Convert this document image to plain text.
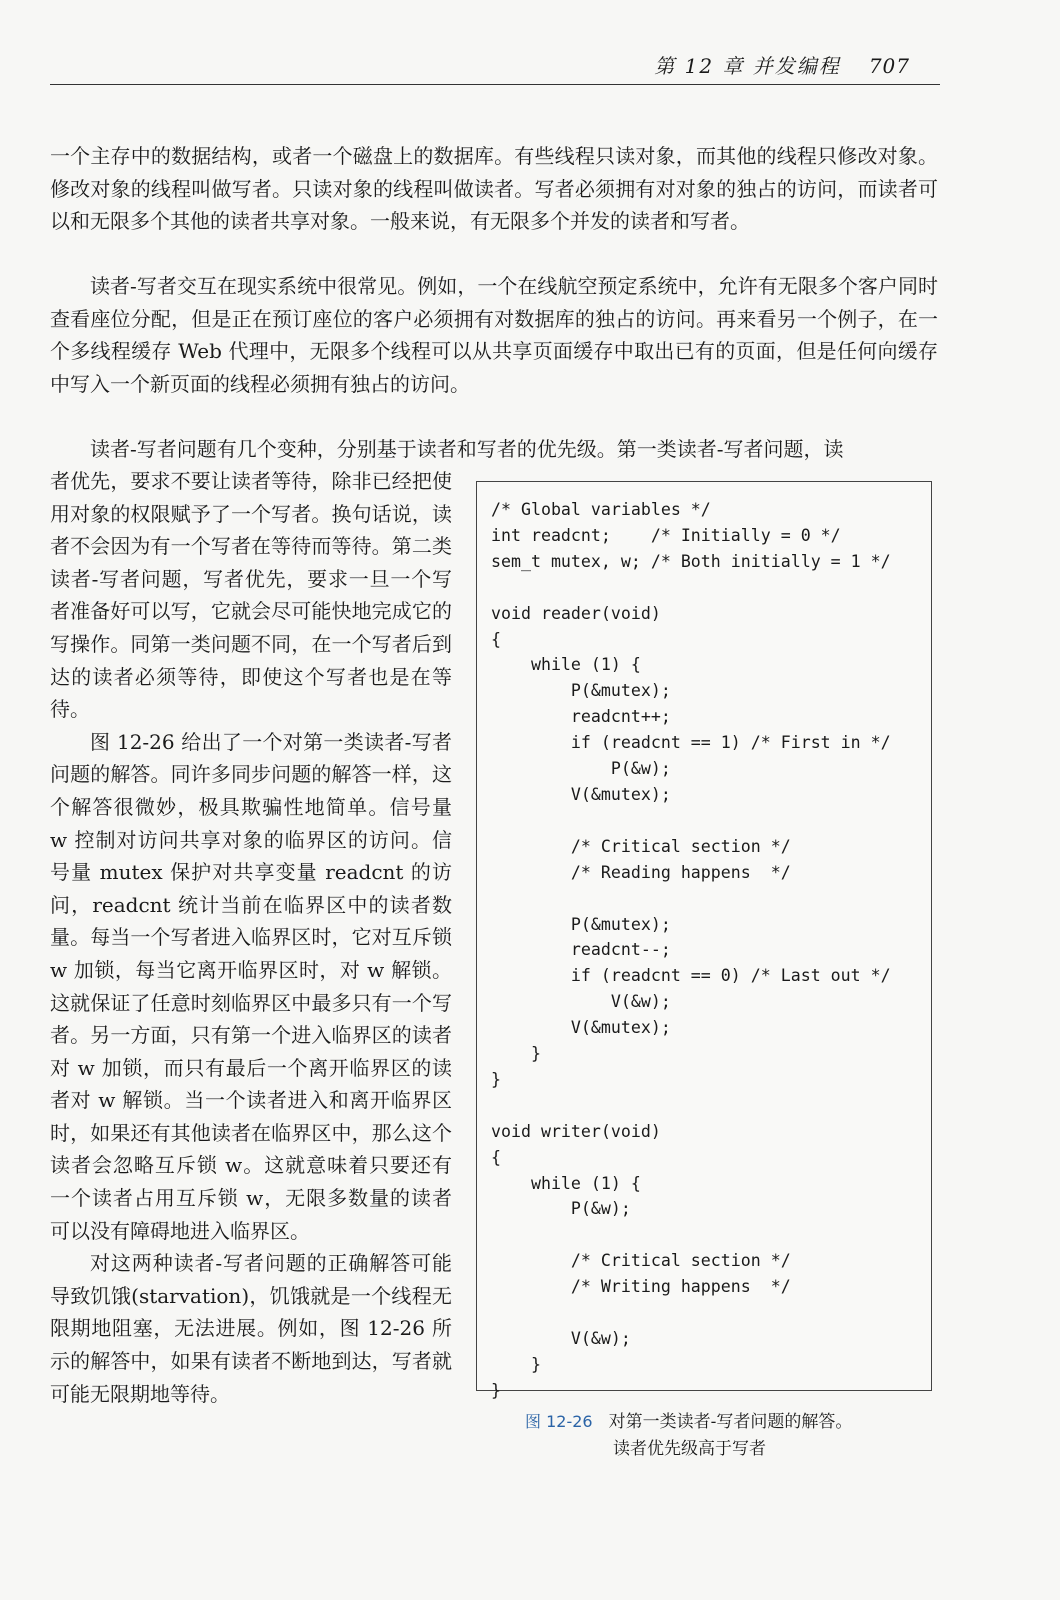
第 12 章 并发编程 707

一个主存中的数据结构，或者一个磁盘上的数据库。有些线程只读对象，而其他的线程只修改对象。修改对象的线程叫做写者。只读对象的线程叫做读者。写者必须拥有对对象的独占的访问，而读者可以和无限多个其他的读者共享对象。一般来说，有无限多个并发的读者和写者。

读者-写者交互在现实系统中很常见。例如，一个在线航空预定系统中，允许有无限多个客户同时查看座位分配，但是正在预订座位的客户必须拥有对数据库的独占的访问。再来看另一个例子，在一个多线程缓存 Web 代理中，无限多个线程可以从共享页面缓存中取出已有的页面，但是任何向缓存中写入一个新页面的线程必须拥有独占的访问。

读者-写者问题有几个变种，分别基于读者和写者的优先级。第一类读者-写者问题，读

者优先，要求不要让读者等待，除非已经把使用对象的权限赋予了一个写者。换句话说，读者不会因为有一个写者在等待而等待。第二类读者-写者问题，写者优先，要求一旦一个写者准备好可以写，它就会尽可能快地完成它的写操作。同第一类问题不同，在一个写者后到达的读者必须等待，即使这个写者也是在等待。

图 12-26 给出了一个对第一类读者-写者问题的解答。同许多同步问题的解答一样，这个解答很微妙，极具欺骗性地简单。信号量 w 控制对访问共享对象的临界区的访问。信号量 mutex 保护对共享变量 readcnt 的访问，readcnt 统计当前在临界区中的读者数量。每当一个写者进入临界区时，它对互斥锁 w 加锁，每当它离开临界区时，对 w 解锁。这就保证了任意时刻临界区中最多只有一个写者。另一方面，只有第一个进入临界区的读者对 w 加锁，而只有最后一个离开临界区的读者对 w 解锁。当一个读者进入和离开临界区时，如果还有其他读者在临界区中，那么这个读者会忽略互斥锁 w。这就意味着只要还有一个读者占用互斥锁 w，无限多数量的读者可以没有障碍地进入临界区。

对这两种读者-写者问题的正确解答可能导致饥饿(starvation)，饥饿就是一个线程无限期地阻塞，无法进展。例如，图 12-26 所示的解答中，如果有读者不断地到达，写者就可能无限期地等待。

/* Global variables */
int readcnt;    /* Initially = 0 */
sem_t mutex, w; /* Both initially = 1 */

void reader(void)
{
while (1) {
P(&mutex);
readcnt++;
if (readcnt == 1) /* First in */
P(&w);
V(&mutex);

/* Critical section */
/* Reading happens  */

P(&mutex);
readcnt--;
if (readcnt == 0) /* Last out */
V(&w);
V(&mutex);
}
}

void writer(void)
{
while (1) {
P(&w);

/* Critical section */
/* Writing happens  */

V(&w);
}
}
图 12-26 对第一类读者-写者问题的解答。
读者优先级高于写者
